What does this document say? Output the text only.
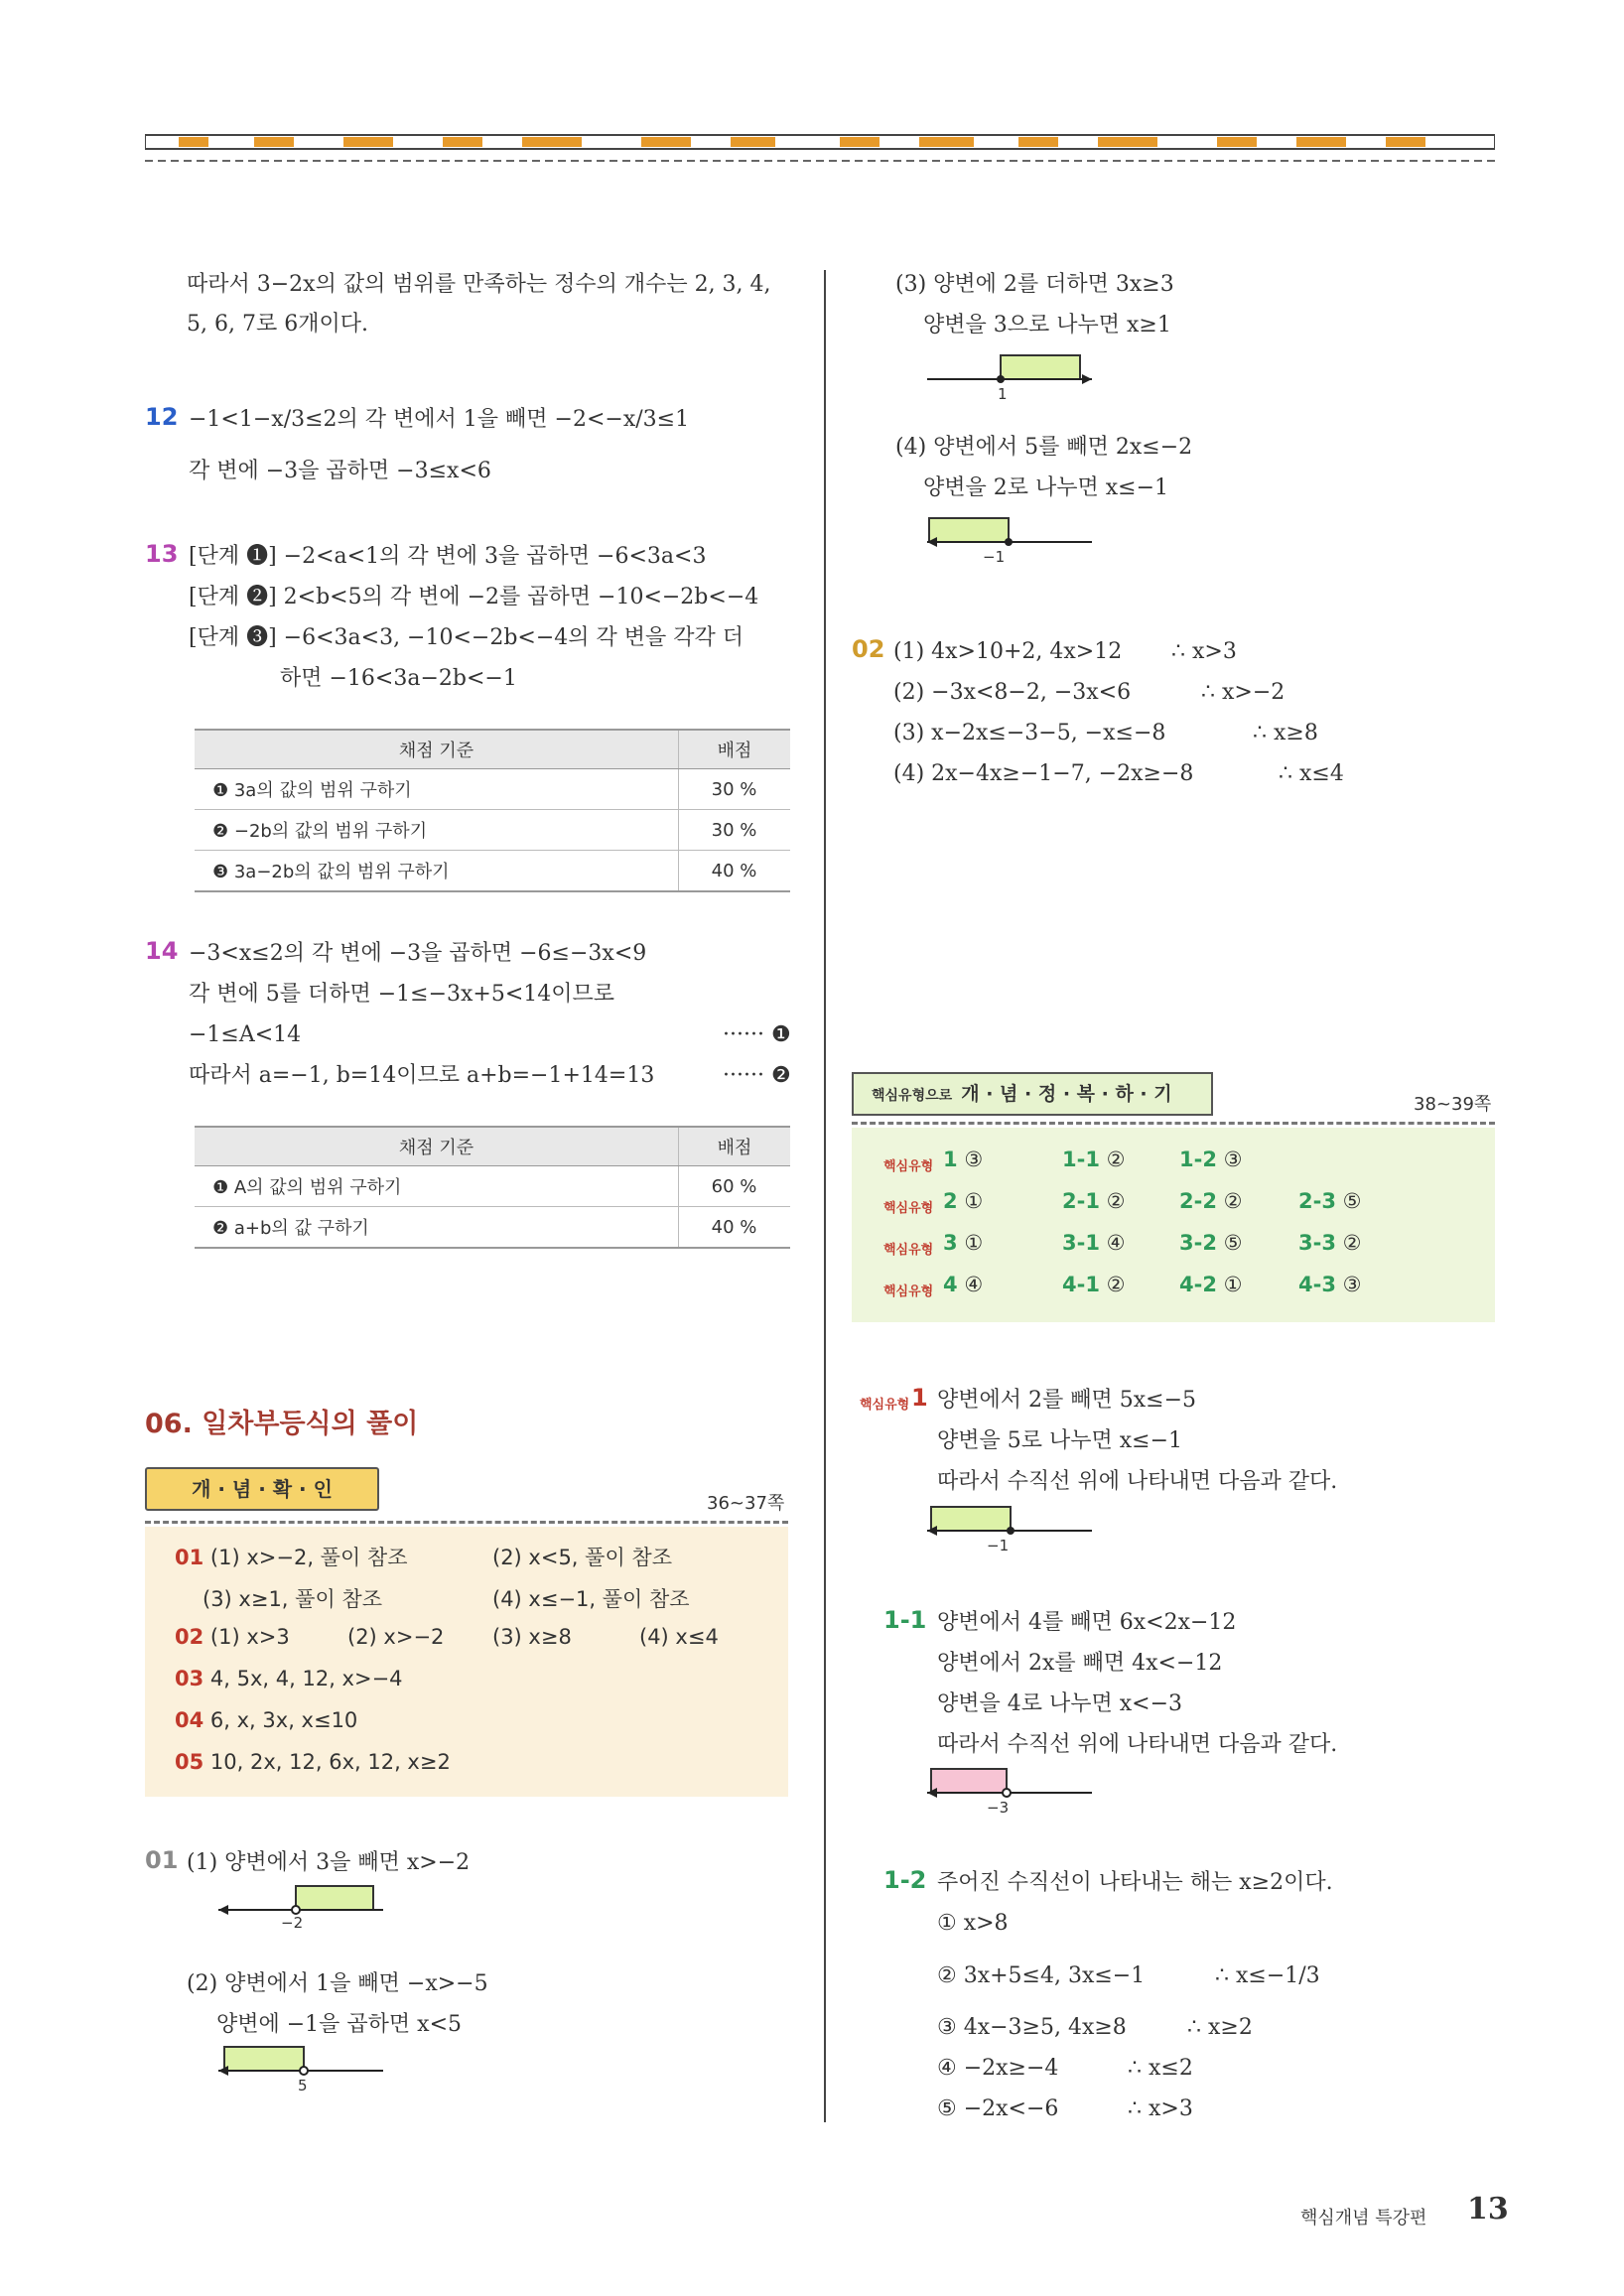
따라서 3−2x의 값의 범위를 만족하는 정수의 개수는 2, 3, 4,
5, 6, 7로 6개이다.
12 −1<1−x/3≤2의 각 변에서 1을 빼면 −2<−x/3≤1
각 변에 −3을 곱하면 −3≤x<6
13 [단계 ❶] −2<a<1의 각 변에 3을 곱하면 −6<3a<3
[단계 ❷] 2<b<5의 각 변에 −2를 곱하면 −10<−2b<−4
[단계 ❸] −6<3a<3, −10<−2b<−4의 각 변을 각각 더
하면 −16<3a−2b<−1
채점 기준	배점
❶ 3a의 값의 범위 구하기	30 %
❷ −2b의 값의 범위 구하기	30 %
❸ 3a−2b의 값의 범위 구하기	40 %
14 −3<x≤2의 각 변에 −3을 곱하면 −6≤−3x<9
각 변에 5를 더하면 −1≤−3x+5<14이므로
−1≤A<14	······ ❶
따라서 a=−1, b=14이므로 a+b=−1+14=13	······ ❷
채점 기준	배점
❶ A의 값의 범위 구하기	60 %
❷ a+b의 값 구하기	40 %
06. 일차부등식의 풀이
개 · 념 · 확 · 인
36~37쪽
01 (1) x>−2, 풀이 참조	(2) x<5, 풀이 참조
(3) x≥1, 풀이 참조	(4) x≤−1, 풀이 참조
02 (1) x>3	(2) x>−2 (3) x≥8	(4) x≤4
03 4, 5x, 4, 12, x>−4
04 6, x, 3x, x≤10
05 10, 2x, 12, 6x, 12, x≥2
01 (1) 양변에서 3을 빼면 x>−2
−2
(2) 양변에서 1을 빼면 −x>−5
양변에 −1을 곱하면 x<5
5
(3) 양변에 2를 더하면 3x≥3
양변을 3으로 나누면 x≥1
1
(4) 양변에서 5를 빼면 2x≤−2
양변을 2로 나누면 x≤−1
−1
02 (1) 4x>10+2, 4x>12 ∴ x>3
(2) −3x<8−2, −3x<6	∴ x>−2
(3) x−2x≤−3−5, −x≤−8	∴ x≥8
(4) 2x−4x≥−1−7, −2x≥−8	∴ x≤4
핵심유형으로 개 · 념 · 정 · 복 · 하 · 기	38~39쪽
핵심유형 1 ③	1-1 ②	1-2 ③
핵심유형 2 ①	2-1 ②	2-2 ②	2-3 ⑤
핵심유형 3 ①	3-1 ④	3-2 ⑤	3-3 ②
핵심유형 4 ④	4-1 ②	4-2 ①	4-3 ③
핵심유형 1 양변에서 2를 빼면 5x≤−5
양변을 5로 나누면 x≤−1
따라서 수직선 위에 나타내면 다음과 같다.
−1
1-1 양변에서 4를 빼면 6x<2x−12
양변에서 2x를 빼면 4x<−12
양변을 4로 나누면 x<−3
따라서 수직선 위에 나타내면 다음과 같다.
−3
1-2 주어진 수직선이 나타내는 해는 x≥2이다.
① x>8
② 3x+5≤4, 3x≤−1	∴ x≤−1/3
③ 4x−3≥5, 4x≥8	∴ x≥2
④ −2x≥−4	∴ x≤2
⑤ −2x<−6	∴ x>3
핵심개념 특강편 13
